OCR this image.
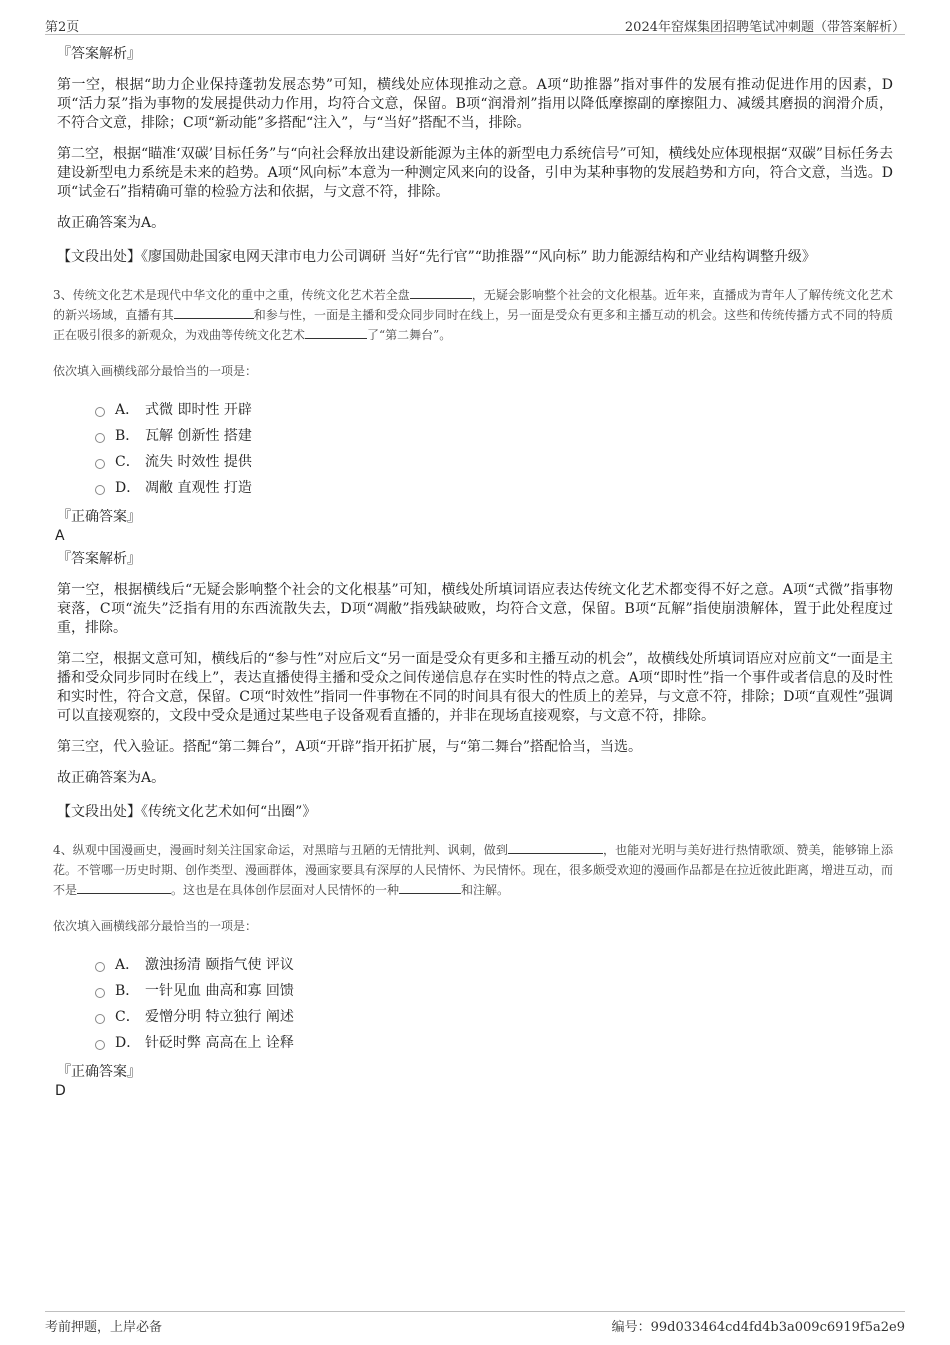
第2页	2024年窑煤集团招聘笔试冲刺题（带答案解析）
『答案解析』

第一空，根据“助力企业保持蓬勃发展态势”可知，横线处应体现推动之意。A项“助推器”指对事件的发展有推动促进作用的因素，D项“活力泵”指为事物的发展提供动力作用，均符合文意，保留。B项“润滑剂”指用以降低摩擦副的摩擦阻力、减缓其磨损的润滑介质，不符合文意，排除；C项“新动能”多搭配“注入”，与“当好”搭配不当，排除。

第二空，根据“瞄准‘双碳’目标任务”与“向社会释放出建设新能源为主体的新型电力系统信号”可知，横线处应体现根据“双碳”目标任务去建设新型电力系统是未来的趋势。A项“风向标”本意为一种测定风来向的设备，引申为某种事物的发展趋势和方向，符合文意，当选。D项“试金石”指精确可靠的检验方法和依据，与文意不符，排除。

故正确答案为A。

【文段出处】《廖国勋赴国家电网天津市电力公司调研 当好“先行官”“助推器”“风向标” 助力能源结构和产业结构调整升级》
3、传统文化艺术是现代中华文化的重中之重，传统文化艺术若全盘	，无疑会影响整个社会的文化根基。近年来，直播成为青年人了解传统文化艺术的新兴场域，直播有其	和参与性，一面是主播和受众同步同时在线上，另一面是受众有更多和主播互动的机会。这些和传统传播方式不同的特质正在吸引很多的新观众，为戏曲等传统文化艺术	了“第二舞台”。
依次填入画横线部分最恰当的一项是：
A． 式微 即时性 开辟
B． 瓦解 创新性 搭建
C． 流失 时效性 提供
D． 凋敝 直观性 打造
『正确答案』
A
『答案解析』

第一空，根据横线后“无疑会影响整个社会的文化根基”可知，横线处所填词语应表达传统文化艺术都变得不好之意。A项“式微”指事物衰落，C项“流失”泛指有用的东西流散失去，D项“凋敝”指残缺破败，均符合文意，保留。B项“瓦解”指使崩溃解体，置于此处程度过重，排除。

第二空，根据文意可知，横线后的“参与性”对应后文“另一面是受众有更多和主播互动的机会”，故横线处所填词语应对应前文“一面是主播和受众同步同时在线上”，表达直播使得主播和受众之间传递信息存在实时性的特点之意。A项“即时性”指一个事件或者信息的及时性和实时性，符合文意，保留。C项“时效性”指同一件事物在不同的时间具有很大的性质上的差异，与文意不符，排除；D项“直观性”强调可以直接观察的，文段中受众是通过某些电子设备观看直播的，并非在现场直接观察，与文意不符，排除。

第三空，代入验证。搭配“第二舞台”，A项“开辟”指开拓扩展，与“第二舞台”搭配恰当，当选。

故正确答案为A。

【文段出处】《传统文化艺术如何“出圈”》
4、纵观中国漫画史，漫画时刻关注国家命运，对黑暗与丑陋的无情批判、讽刺，做到	，也能对光明与美好进行热情歌颂、赞美，能够锦上添花。不管哪一历史时期、创作类型、漫画群体，漫画家要具有深厚的人民情怀、为民情怀。现在，很多颇受欢迎的漫画作品都是在拉近彼此距离，增进互动，而不是	。这也是在具体创作层面对人民情怀的一种	和注解。
依次填入画横线部分最恰当的一项是：
A． 激浊扬清 颐指气使 评议
B． 一针见血 曲高和寡 回馈
C． 爱憎分明 特立独行 阐述
D． 针砭时弊 高高在上 诠释
『正确答案』
D
考前押题，上岸必备	编号：99d033464cd4fd4b3a009c6919f5a2e9
